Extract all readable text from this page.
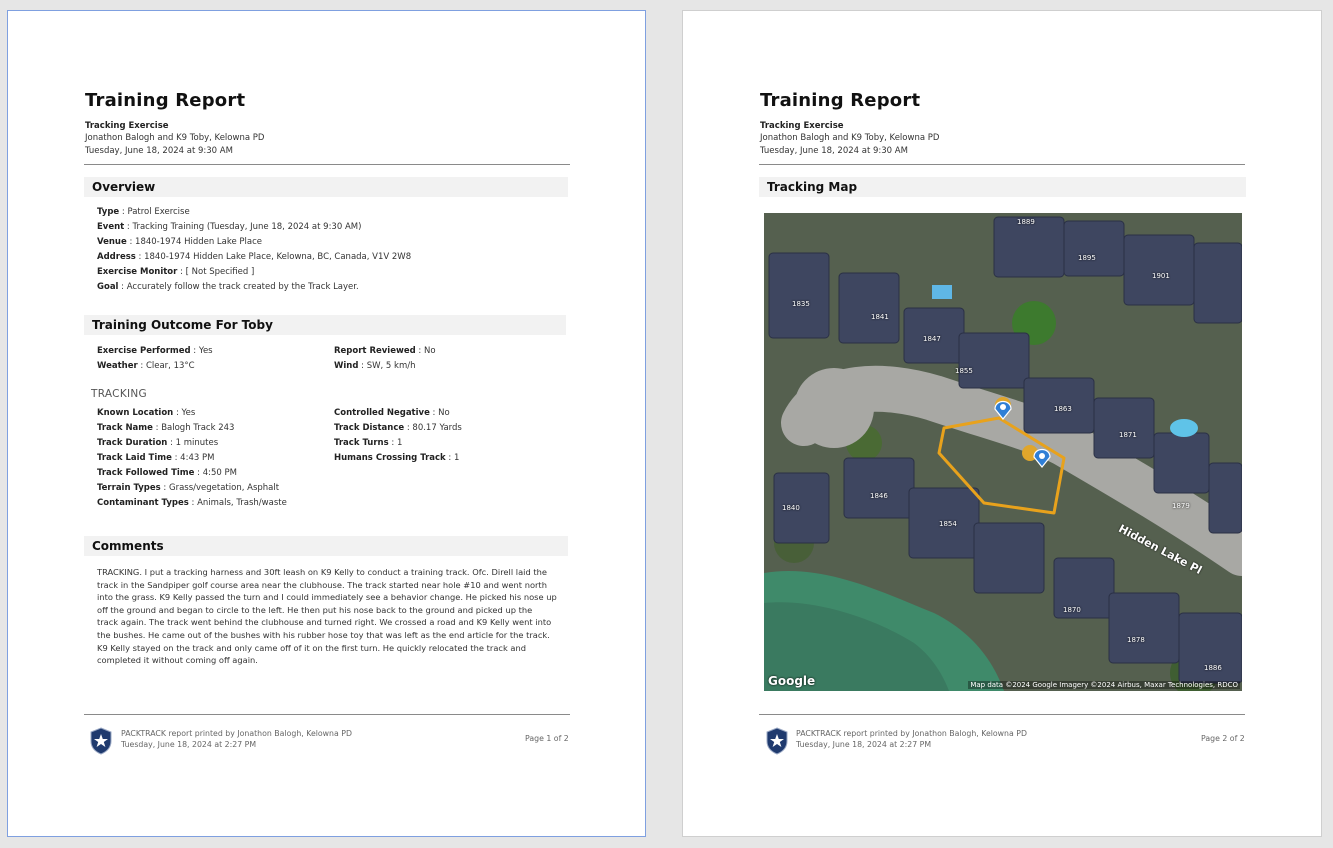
Training Report
Tracking Exercise
Jonathon Balogh and K9 Toby, Kelowna PD
Tuesday, June 18, 2024 at 9:30 AM
Overview
Type : Patrol Exercise
Event : Tracking Training (Tuesday, June 18, 2024 at 9:30 AM)
Venue : 1840-1974 Hidden Lake Place
Address : 1840-1974 Hidden Lake Place, Kelowna, BC, Canada, V1V 2W8
Exercise Monitor : [ Not Specified ]
Goal : Accurately follow the track created by the Track Layer.
Training Outcome For Toby
Exercise Performed : Yes
Weather : Clear, 13°C
Report Reviewed : No
Wind : SW, 5 km/h
TRACKING
Known Location : Yes
Track Name : Balogh Track 243
Track Duration : 1 minutes
Track Laid Time : 4:43 PM
Track Followed Time : 4:50 PM
Terrain Types : Grass/vegetation, Asphalt
Contaminant Types : Animals, Trash/waste
Controlled Negative : No
Track Distance : 80.17 Yards
Track Turns : 1
Humans Crossing Track : 1
Comments
TRACKING. I put a tracking harness and 30ft leash on K9 Kelly to conduct a training track. Ofc. Direll laid the
track in the Sandpiper golf course area near the clubhouse. The track started near hole #10 and went north
into the grass. K9 Kelly passed the turn and I could immediately see a behavior change. He picked his nose up
off the ground and began to circle to the left. He then put his nose back to the ground and picked up the
track again. The track went behind the clubhouse and turned right. We crossed a road and K9 Kelly went into
the bushes. He came out of the bushes with his rubber hose toy that was left as the end article for the track.
K9 Kelly stayed on the track and only came off of it on the first turn. He quickly relocated the track and
completed it without coming off again.
PACKTRACK report printed by Jonathon Balogh, Kelowna PD
Tuesday, June 18, 2024 at 2:27 PM
Page 1 of 2
Training Report
Tracking Exercise
Jonathon Balogh and K9 Toby, Kelowna PD
Tuesday, June 18, 2024 at 9:30 AM
Tracking Map
1889
1895
1901
1835
1841
1847
1855
1863
1871
1846
1840
1854
1879
1870
1878
1886
Hidden Lake Pl
Google	Map data ©2024 Google Imagery ©2024 Airbus, Maxar Technologies, RDCO
PACKTRACK report printed by Jonathon Balogh, Kelowna PD
Tuesday, June 18, 2024 at 2:27 PM
Page 2 of 2
